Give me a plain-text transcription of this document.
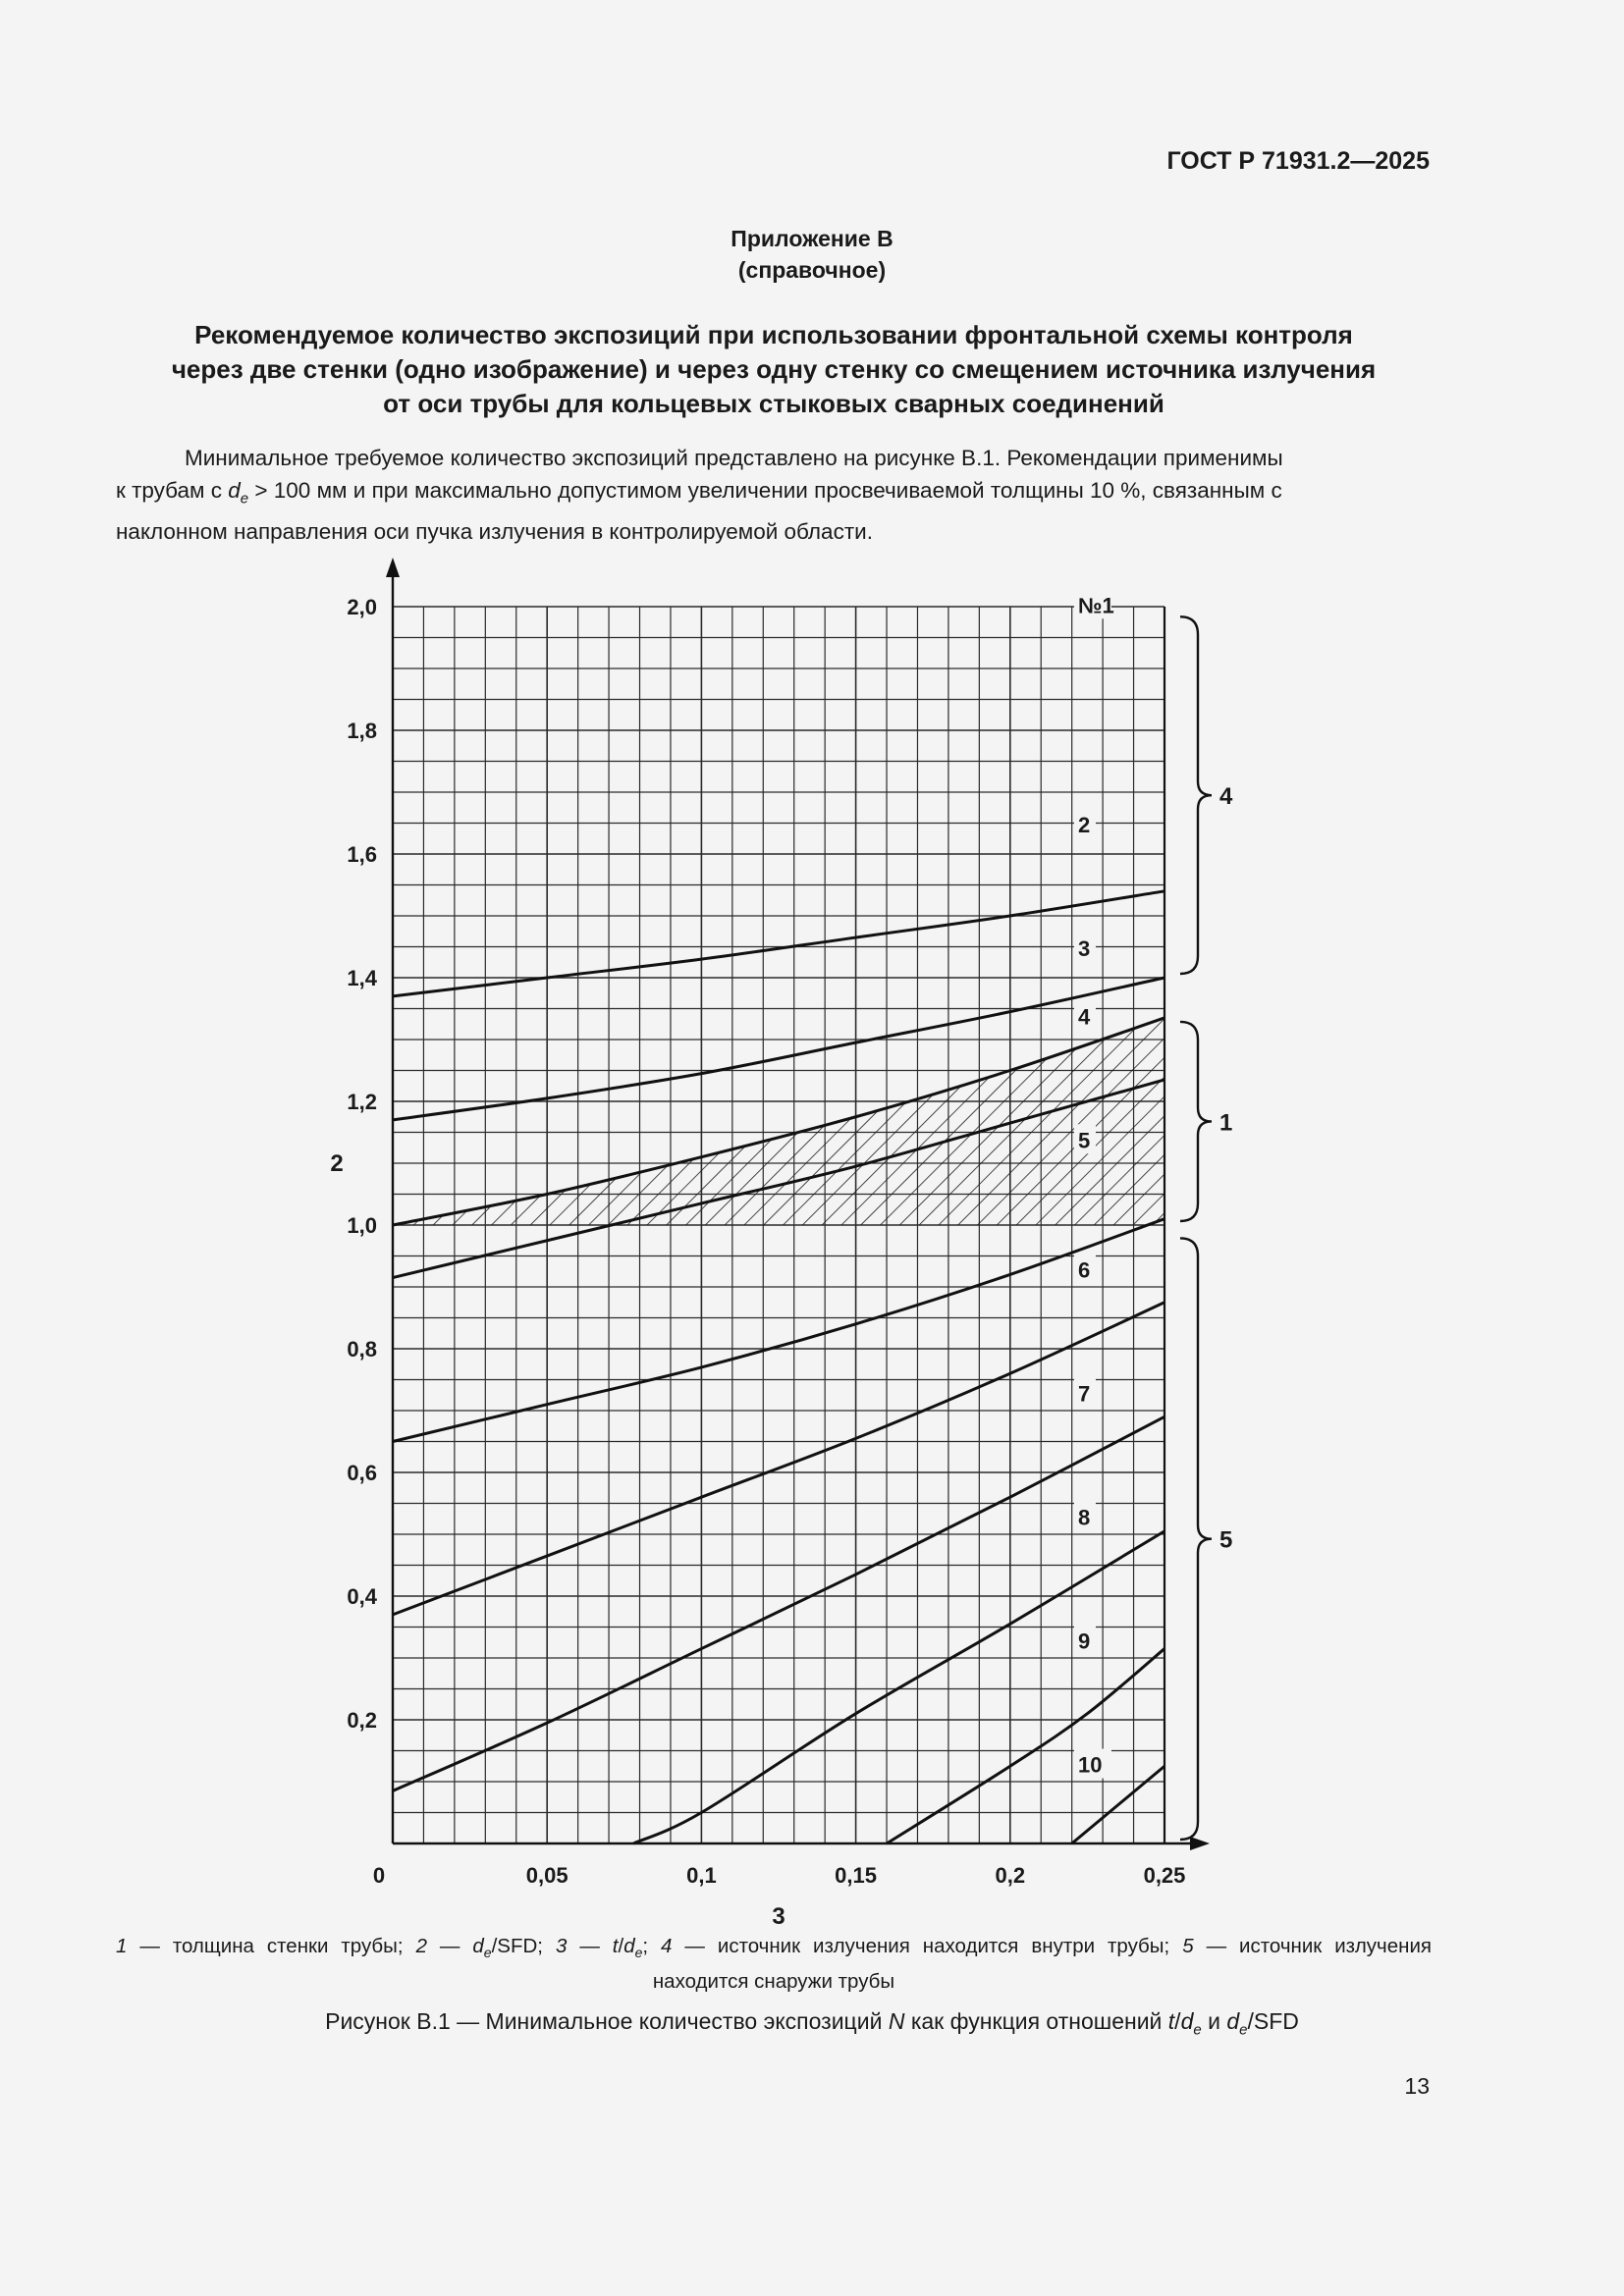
ГОСТ Р 71931.2—2025
Приложение В
(справочное)
Рекомендуемое количество экспозиций при использовании фронтальной схемы контроля
через две стенки (одно изображение) и через одну стенку со смещением источника излучения
от оси трубы для кольцевых стыковых сварных соединений
Минимальное требуемое количество экспозиций представлено на рисунке В.1. Рекомендации применимы
к трубам с $d_e > 100$ мм и при максимально допустимом увеличении просвечиваемой толщины 10 %, связанным с
наклонном направления оси пучка излучения в контролируемой области.
0	0,05	0,1	0,15	0,2	0,25
0,2
0,4
0,6
0,8
1,0
1,2
1,4
1,6
1,8
2,0
3
2
№1
2
3
4
5
6
7
8
9
10
4
1
5
1 — толщина стенки трубы; 2 — $d_e$/SFD; 3 — $t/d_e$; 4 — источник излучения находится внутри трубы; 5 — источник излучения
находится снаружи трубы
Рисунок В.1 — Минимальное количество экспозиций N как функция отношений $t/d_e$ и $d_e$/SFD
13
